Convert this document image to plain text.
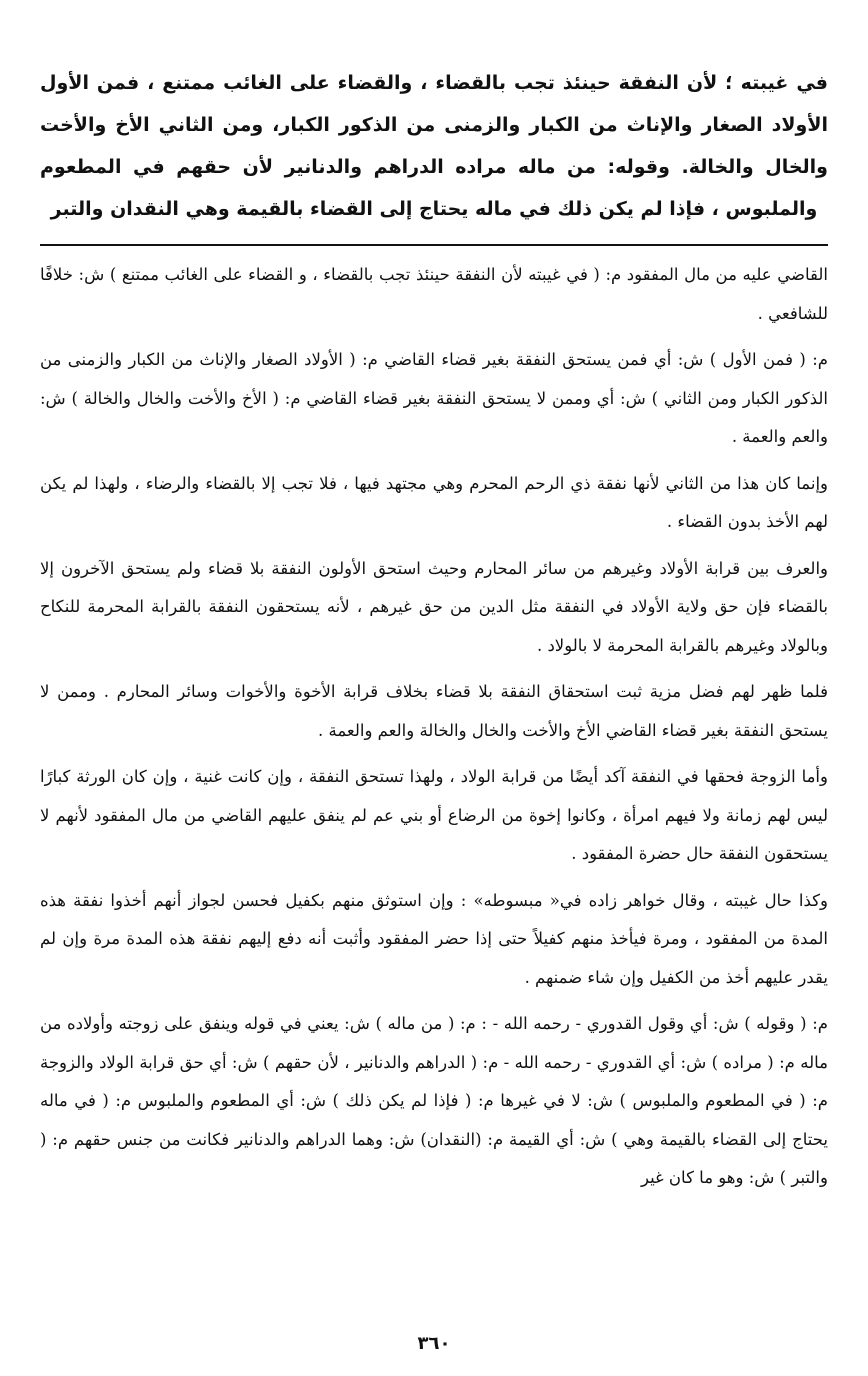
في غيبته ؛ لأن النفقة حينئذ تجب بالقضاء ، والقضاء على الغائب ممتنع ، فمن الأول الأولاد الصغار والإناث من الكبار والزمنى من الذكور الكبار، ومن الثاني الأخ والأخت والخال والخالة. وقوله: من ماله مراده الدراهم والدنانير لأن حقهم في المطعوم والملبوس ، فإذا لم يكن ذلك في ماله يحتاج إلى القضاء بالقيمة وهي النقدان والتبر

القاضي عليه من مال المفقود م: ( في غيبته لأن النفقة حينئذ تجب بالقضاء ، و القضاء على الغائب ممتنع ) ش: خلافًا للشافعي .

م: ( فمن الأول ) ش: أي فمن يستحق النفقة بغير قضاء القاضي م: ( الأولاد الصغار والإناث من الكبار والزمنى من الذكور الكبار ومن الثاني ) ش: أي وممن لا يستحق النفقة بغير قضاء القاضي م: ( الأخ والأخت والخال والخالة ) ش: والعم والعمة .

وإنما كان هذا من الثاني لأنها نفقة ذي الرحم المحرم وهي مجتهد فيها ، فلا تجب إلا بالقضاء والرضاء ، ولهذا لم يكن لهم الأخذ بدون القضاء .

والعرف بين قرابة الأولاد وغيرهم من سائر المحارم وحيث استحق الأولون النفقة بلا قضاء ولم يستحق الآخرون إلا بالقضاء فإن حق ولاية الأولاد في النفقة مثل الدين من حق غيرهم ، لأنه يستحقون النفقة بالقرابة المحرمة للنكاح وبالولاد وغيرهم بالقرابة المحرمة لا بالولاد .

فلما ظهر لهم فضل مزية ثبت استحقاق النفقة بلا قضاء بخلاف قرابة الأخوة والأخوات وسائر المحارم . وممن لا يستحق النفقة بغير قضاء القاضي الأخ والأخت والخال والخالة والعم والعمة .

وأما الزوجة فحقها في النفقة آكد أيضًا من قرابة الولاد ، ولهذا تستحق النفقة ، وإن كانت غنية ، وإن كان الورثة كبارًا ليس لهم زمانة ولا فيهم امرأة ، وكانوا إخوة من الرضاع أو بني عم لم ينفق عليهم القاضي من مال المفقود لأنهم لا يستحقون النفقة حال حضرة المفقود .

وكذا حال غيبته ، وقال خواهر زاده في« مبسوطه» : وإن استوثق منهم بكفيل فحسن لجواز أنهم أخذوا نفقة هذه المدة من المفقود ، ومرة فيأخذ منهم كفيلاً حتى إذا حضر المفقود وأثبت أنه دفع إليهم نفقة هذه المدة مرة وإن لم يقدر عليهم أخذ من الكفيل وإن شاء ضمنهم .

م: ( وقوله ) ش: أي وقول القدوري - رحمه الله - : م: ( من ماله ) ش: يعني في قوله وينفق على زوجته وأولاده من ماله م: ( مراده ) ش: أي القدوري - رحمه الله - م: ( الدراهم والدنانير ، لأن حقهم ) ش: أي حق قرابة الولاد والزوجة م: ( في المطعوم والملبوس ) ش: لا في غيرها م: ( فإذا لم يكن ذلك ) ش: أي المطعوم والملبوس م: ( في ماله يحتاج إلى القضاء بالقيمة وهي ) ش: أي القيمة م: (النقدان) ش: وهما الدراهم والدنانير فكانت من جنس حقهم م: ( والتبر ) ش: وهو ما كان غير

٣٦٠
